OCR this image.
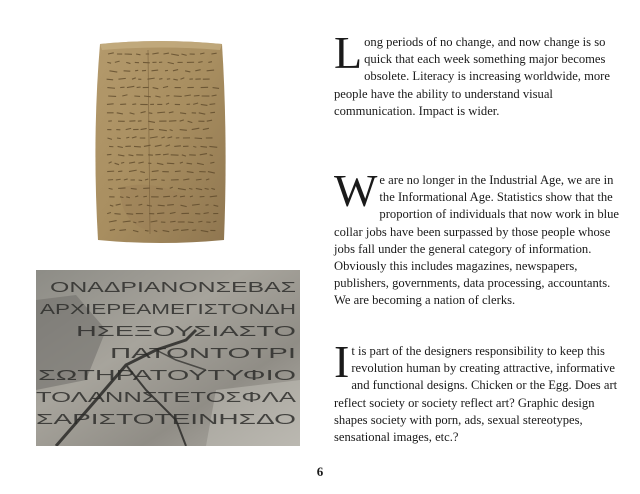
ΟΝΑΔΡΙΑΝΟΝΣΕΒΑΣ
ΑΡΧΙΕΡΕΑΜΕΓΙΣΤΟΝΔΗ
ΗΣΕΞΟΥΣΙΑΣΤΟ
ΠΑΤΟΝΤΟΤΡΙ
ΣΩΤΗΡΑΤΟΥΤΥΦΙΟ
ΤΟΛΑΝΝΣΤΕΤΟΣΦΛΑ
ΣΑΡΙΣΤΟΤΕΙΝΗΣΔΟ

Long periods of no change, and now change is so quick that each week something major becomes obsolete. Literacy is increasing worldwide, more people have the ability to understand visual communication. Impact is wider.

We are no longer in the Industrial Age, we are in the Informational Age. Statistics show that the proportion of individuals that now work in blue collar jobs have been surpassed by those people whose jobs fall under the general category of information. Obviously this includes magazines, newspapers, publishers, governments, data processing, accountants. We are becoming a nation of clerks.

It is part of the designers responsibility to keep this revolution human by creating attractive, informative and functional designs. Chicken or the Egg. Does art reflect society or society reflect art? Graphic design shapes society with porn, ads, sexual stereotypes, sensational images, etc.?

6
